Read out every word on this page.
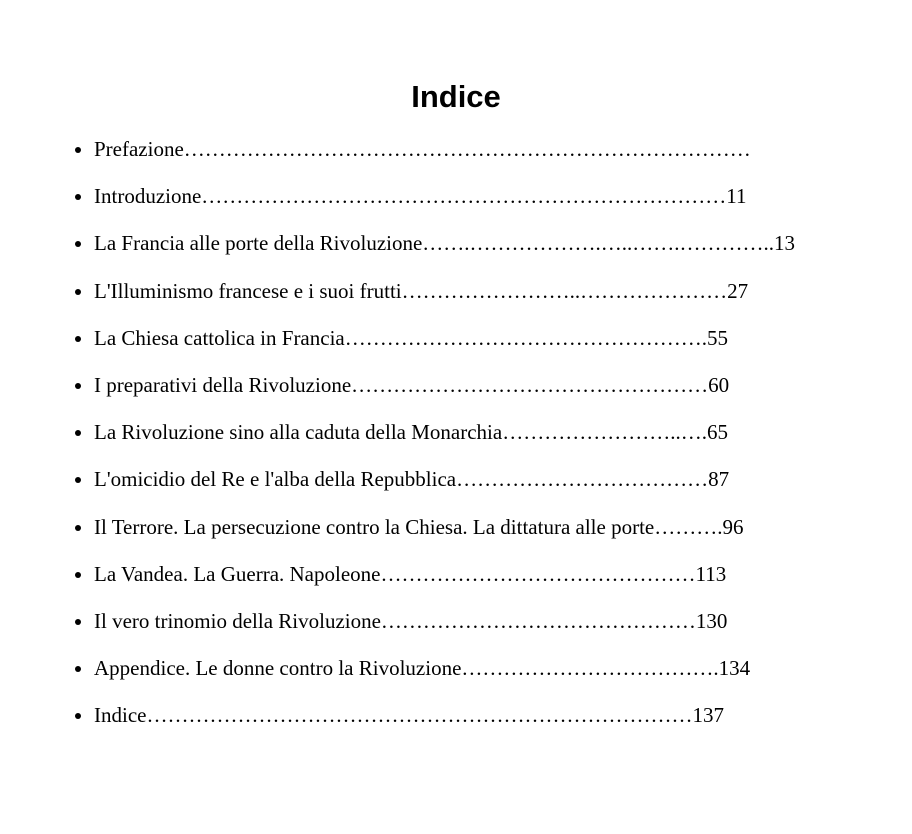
Indice
Prefazione………………………………………………………………………
Introduzione…………………………………………………………………11
La Francia alle porte della Rivoluzione…….……………….…..…….…………..13
L'Illuminismo francese e i suoi frutti……………………..…………………27
La Chiesa cattolica in Francia…………………………………………….55
I preparativi della Rivoluzione……………………………………………60
La Rivoluzione sino alla caduta della Monarchia……………………..….65
L'omicidio del Re e l'alba della Repubblica………………………………87
Il Terrore. La persecuzione contro la Chiesa. La dittatura alle porte……….96
La Vandea. La Guerra. Napoleone………………………………………113
Il vero trinomio della Rivoluzione………………………………………130
Appendice. Le donne contro la Rivoluzione……………………………….134
Indice……………………………………………………………………137
